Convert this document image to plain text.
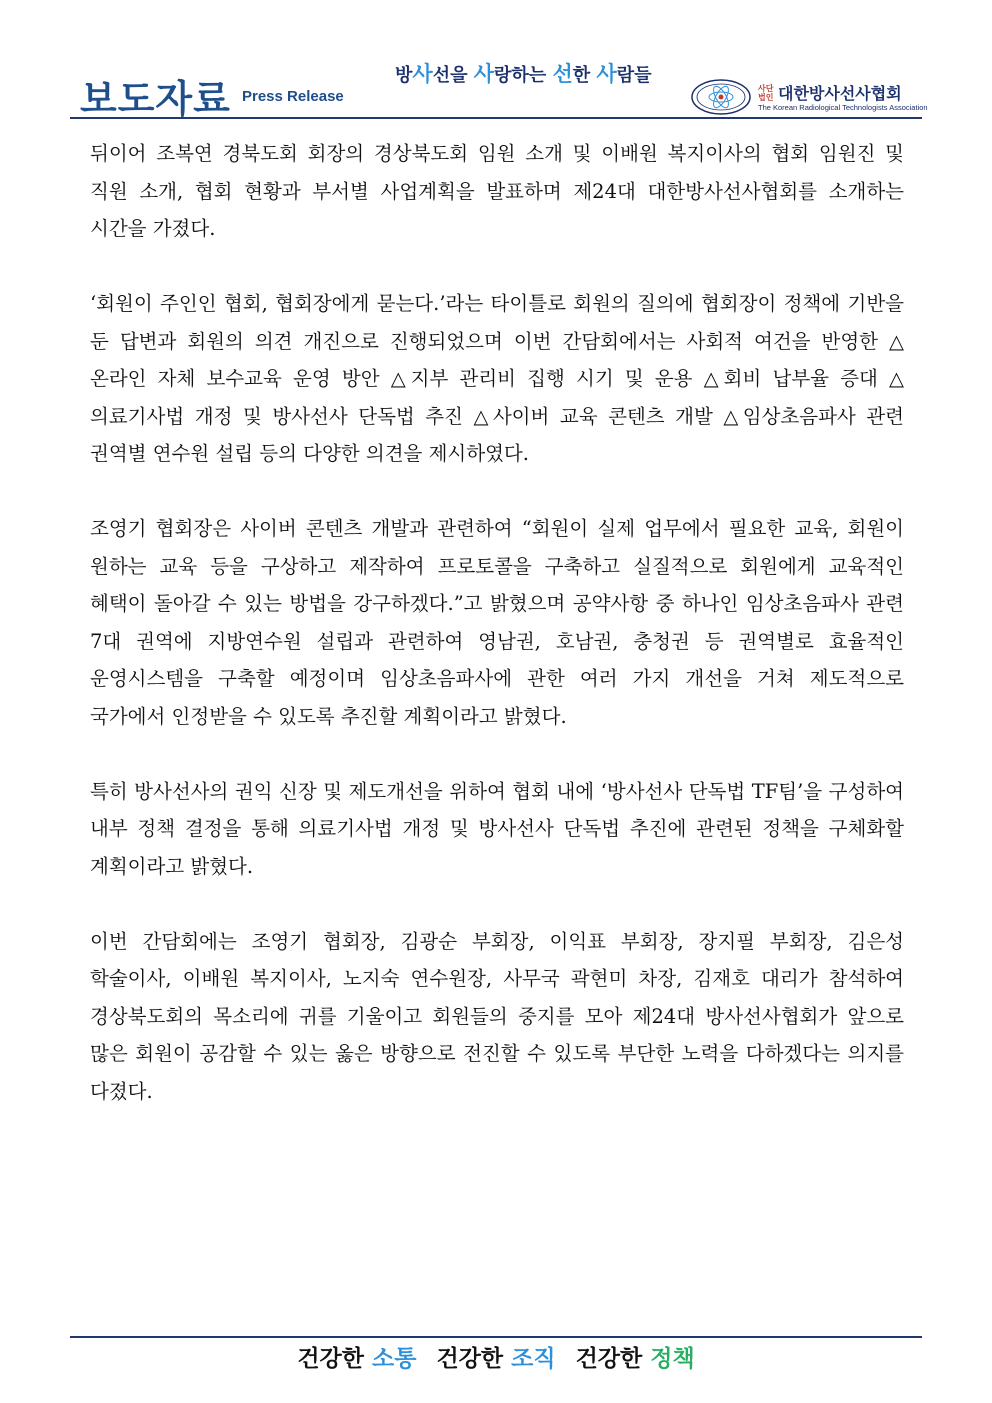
보도자료 Press Release
방사선을 사랑하는 선한 사람들
사단
법인 대한방사선사협회
The Korean Radiological Technologists Association

뒤이어 조복연 경북도회 회장의 경상북도회 임원 소개 및 이배원 복지이사의 협회 임원진 및 직원 소개, 협회 현황과 부서별 사업계획을 발표하며 제24대 대한방사선사협회를 소개하는 시간을 가졌다.

‘회원이 주인인 협회, 협회장에게 묻는다.’라는 타이틀로 회원의 질의에 협회장이 정책에 기반을 둔 답변과 회원의 의견 개진으로 진행되었으며 이번 간담회에서는 사회적 여건을 반영한 △온라인 자체 보수교육 운영 방안 △지부 관리비 집행 시기 및 운용 △회비 납부율 증대 △의료기사법 개정 및 방사선사 단독법 추진 △사이버 교육 콘텐츠 개발 △임상초음파사 관련 권역별 연수원 설립 등의 다양한 의견을 제시하였다.

조영기 협회장은 사이버 콘텐츠 개발과 관련하여 “회원이 실제 업무에서 필요한 교육, 회원이 원하는 교육 등을 구상하고 제작하여 프로토콜을 구축하고 실질적으로 회원에게 교육적인 혜택이 돌아갈 수 있는 방법을 강구하겠다.”고 밝혔으며 공약사항 중 하나인 임상초음파사 관련 7대 권역에 지방연수원 설립과 관련하여 영남권, 호남권, 충청권 등 권역별로 효율적인 운영시스템을 구축할 예정이며 임상초음파사에 관한 여러 가지 개선을 거쳐 제도적으로 국가에서 인정받을 수 있도록 추진할 계획이라고 밝혔다.

특히 방사선사의 권익 신장 및 제도개선을 위하여 협회 내에 ‘방사선사 단독법 TF팀’을 구성하여 내부 정책 결정을 통해 의료기사법 개정 및 방사선사 단독법 추진에 관련된 정책을 구체화할 계획이라고 밝혔다.

이번 간담회에는 조영기 협회장, 김광순 부회장, 이익표 부회장, 장지필 부회장, 김은성 학술이사, 이배원 복지이사, 노지숙 연수원장, 사무국 곽현미 차장, 김재호 대리가 참석하여 경상북도회의 목소리에 귀를 기울이고 회원들의 중지를 모아 제24대 방사선사협회가 앞으로 많은 회원이 공감할 수 있는 옳은 방향으로 전진할 수 있도록 부단한 노력을 다하겠다는 의지를 다졌다.

건강한 소통 건강한 조직 건강한 정책
